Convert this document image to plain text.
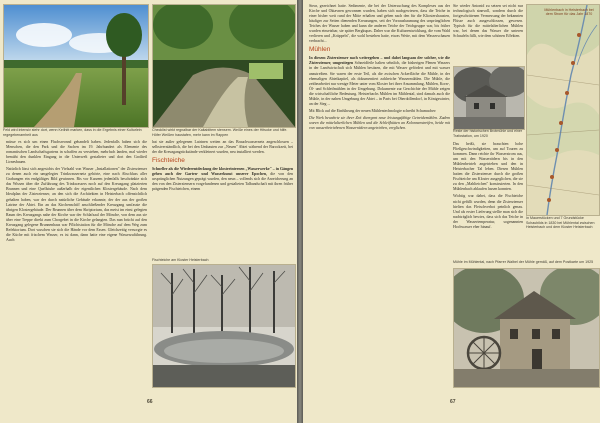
Feld wird intensiv stehr dort, wenn Keilhitt marken, dass in die Ergebnis einer Kulturlein regegebenamheit aus
Checklist wirkt regnalbar der Kaltablitem stensem. Weiße eines der Hitsoke und hilfe. Höfer Weißen haustafen, mehr kann im Rappen

müsse es sich um einen Flachsrecnnd gehandelt haben. Jedenfalls haben sich die Menschen, die den Park und die Sachen im 19. Jahrhundert als Elemente des romantischen Landschaftsgartens in schaffen zu verstehen, mehrfach landen, mal wieder bemüht den dunklen Eingang in die Unterwelt gestalteter und dort den Großteil Lirnesbauen.

Natürlich lässt sich angesichts der Vielzahl von Wasser „Installationen" der Zisterzienser zu denen auch ein umgelegtes Trinkwassernetz gehörte, eine nach Abschluss aller Grabungen ein endgültiges Bild gewinnen. Bis vor Kurzem jedenfalls beschränkte sich das Wissen über die Zuführung des Trinkwassers noch auf den Kreuzgang platzierten Brunnen und eine Quellstube außerhalb der eigentlichen Klostergebäude. Nach dem Idealplan der Zisterzienser, an den sich die Architekten in Heisterbach offensichtlich gehalten haben, war der durch natürliche Gebäude erkannte, der der aus der großen Latrine der Abtei. Ein an das Kirchenschiff anschließender Kreuzgang umfasste die übrigen Klostergebäude. Der Brunnen über dem Skriptorium, das meist im einst gelegten Raum des Kreuzgangs nahe der Kirche war der Schlafsaal der Mönche, von dem aus sie über eine Treppe direkt zum Chorgebet in die Kirche gelangten. Das nun brücht auf den Kreuzgang gelegene Brunnenhaus war Pflichtstation für die Mönche auf dem Weg zum Refektorium. Dort wuschen sie sich die Hände vor dem Essen. Gleichzeitig versorgte es die Küche mit frischem Wasser, es ist dann, dann hatte eine eigene Wasserzuführung. Auch

hat sie außer gelegenen Latrinen weiten an das Brauchwassernetz angeschlossen – selbstverständlich, die bei den Umbauten zur „Neuen" Abtei während der Barockzeit, bei der die Kreuzgangrückstände verkleinert wurden, neu installiert werden.

Fischteiche

Schneller als die Wiederentdeckung der klosterinternen „Wasserwerke" – in Gängen gehen auch der Garten- und Wasserkunst unserer Epochen, die von den ursprünglichen Nutzungen geprägt wurden, den neun – vollends sich die Anreicherung an den von den Zisterziensern vorgefundenen und gestalteten Talbandschaft mit ihren früher prägenden Fischteichen, einem

Fischteiche am Kloster Heisterbach
66

Stear, gezeichnet hatte. Sedimente, die bei der Untersuchung des Komplexes aus der Kirche und Oktavnen gewonnen wurden, haben sich nachgewiesen, dass die Teiche in einer bisher weit rund der Mitte erhalten und geben nach den für die Kliostershausten, häufiger zur Seiten dienenden Kreuzungen, seit der Vorrausbaumung des ursprünglichen Teiches der Wasser haben und kann die anderen Teiche der Teichgruppe war, bis früher wurden einsetzbar, sie später Bergkupas. Daher war die Kulturentwicklung, die vom Wald verlieren und „Krüppeln", die wohl bestehen hatte, etwas Weite, mit dem Wasserschauen verbracht...

Mühlen

In diesem Zisterzienser nach weitergehen – und dabei langsam der solcher, wie die Zisterzienser, umgestiegen Schneidfeile halten sehnlich, die bisherigen Plenen Wassers in der Landwirtschaft sich Mühlen besitzen, die mit Wasser gefördert und mit wasser anzutreiben. Sie waren der erste Teil, als die zwischen Ackerfläche die Mühle, in der ehemaligen Abteikapitel, als dokumentiert zahlreiche Wassermühlen. Die Mühle, die zeitbearbeitet nur wenige Meter unter vom Kloster bei ihrer Ansammlung, Mühlen, Korn-, Öl- und Schleifmühlen in der Umgebung. Dokumente zur Geschichte der Mühle zeigen die wirtschaftliche Bedeutung. Heisterbachs Mühlen im Mühlental, sind damals auch die Mühle, in der nahen Umgebung der Abtei – in Paris bei Oberdollendorf, in Königswinter, an der Sieg ...

Mit Blick auf die Einführung der neuen Mühlentechnologie schreibt Schumacher:

Die Werk bewahrte sie ihrer Zeit divergent neue leistungsfähige Getreidemühlen. Zudem waren die mittelalterlichen Mühlen und die Schleifhütten an Kolonnenstreifen, beide mit von wasserbetriebenen Wasserrädern angetrieben, verglichen.

Reste der historischen Brotmühle und einer Trafostation, um 1920

Sie wieder Antonid zu setzen sei nicht nur technologisch sinnvoll, sondern durch die fortgeschrittenen Vermessung der bekannten Flüsse auch ausgeschlossen, gewesen. Typisch für die mittelalterlichen Mühlen war, bei denen das Wasser die unteren Schaufeln füllt, wie dem schönen Effekten.

Mühlenbach in Heisterbach bei dem Strom für das Jahr 1870

Das heißt, sie brauchten hohe Fließgeschwindigkeiten, um auf Touren zu kommen. Dann reichte ihr Wasserstrom aus, um mit den Wasserrädern bis in den Mühlenbetrieb angetrieben und den in Heisterbacher Tal leben. Diesen Mühlen hatten die Zisterzienser durch die großen Fischteiche am Kloster ausgeglichen, die sie zu den „Mahlteichen" konstruierten. In den Mühlenbach ablaufen lassen konnten.

Wichtig war dabei, dass die Fischteiche nicht gefüllt wurden, denn die Zisterzienser hielten das Fleischverbot peinlich genau. Und als erster Lieferung stellte man sich die nachträglich bewies, dass sich das Teiche in der Wassertemperatur, sogenannten Hochwasser eher hinauf.

In Mauerstücken und 7 Grundstücke Schaubilds in 1830 bei Mühlental zwischen Heisterbach und dem Kloster Heisterbach
Mühle im Mühlental, nach Pfarrer Walbel der Mühle gemäß, auf dem Postkarte um 1925
67
